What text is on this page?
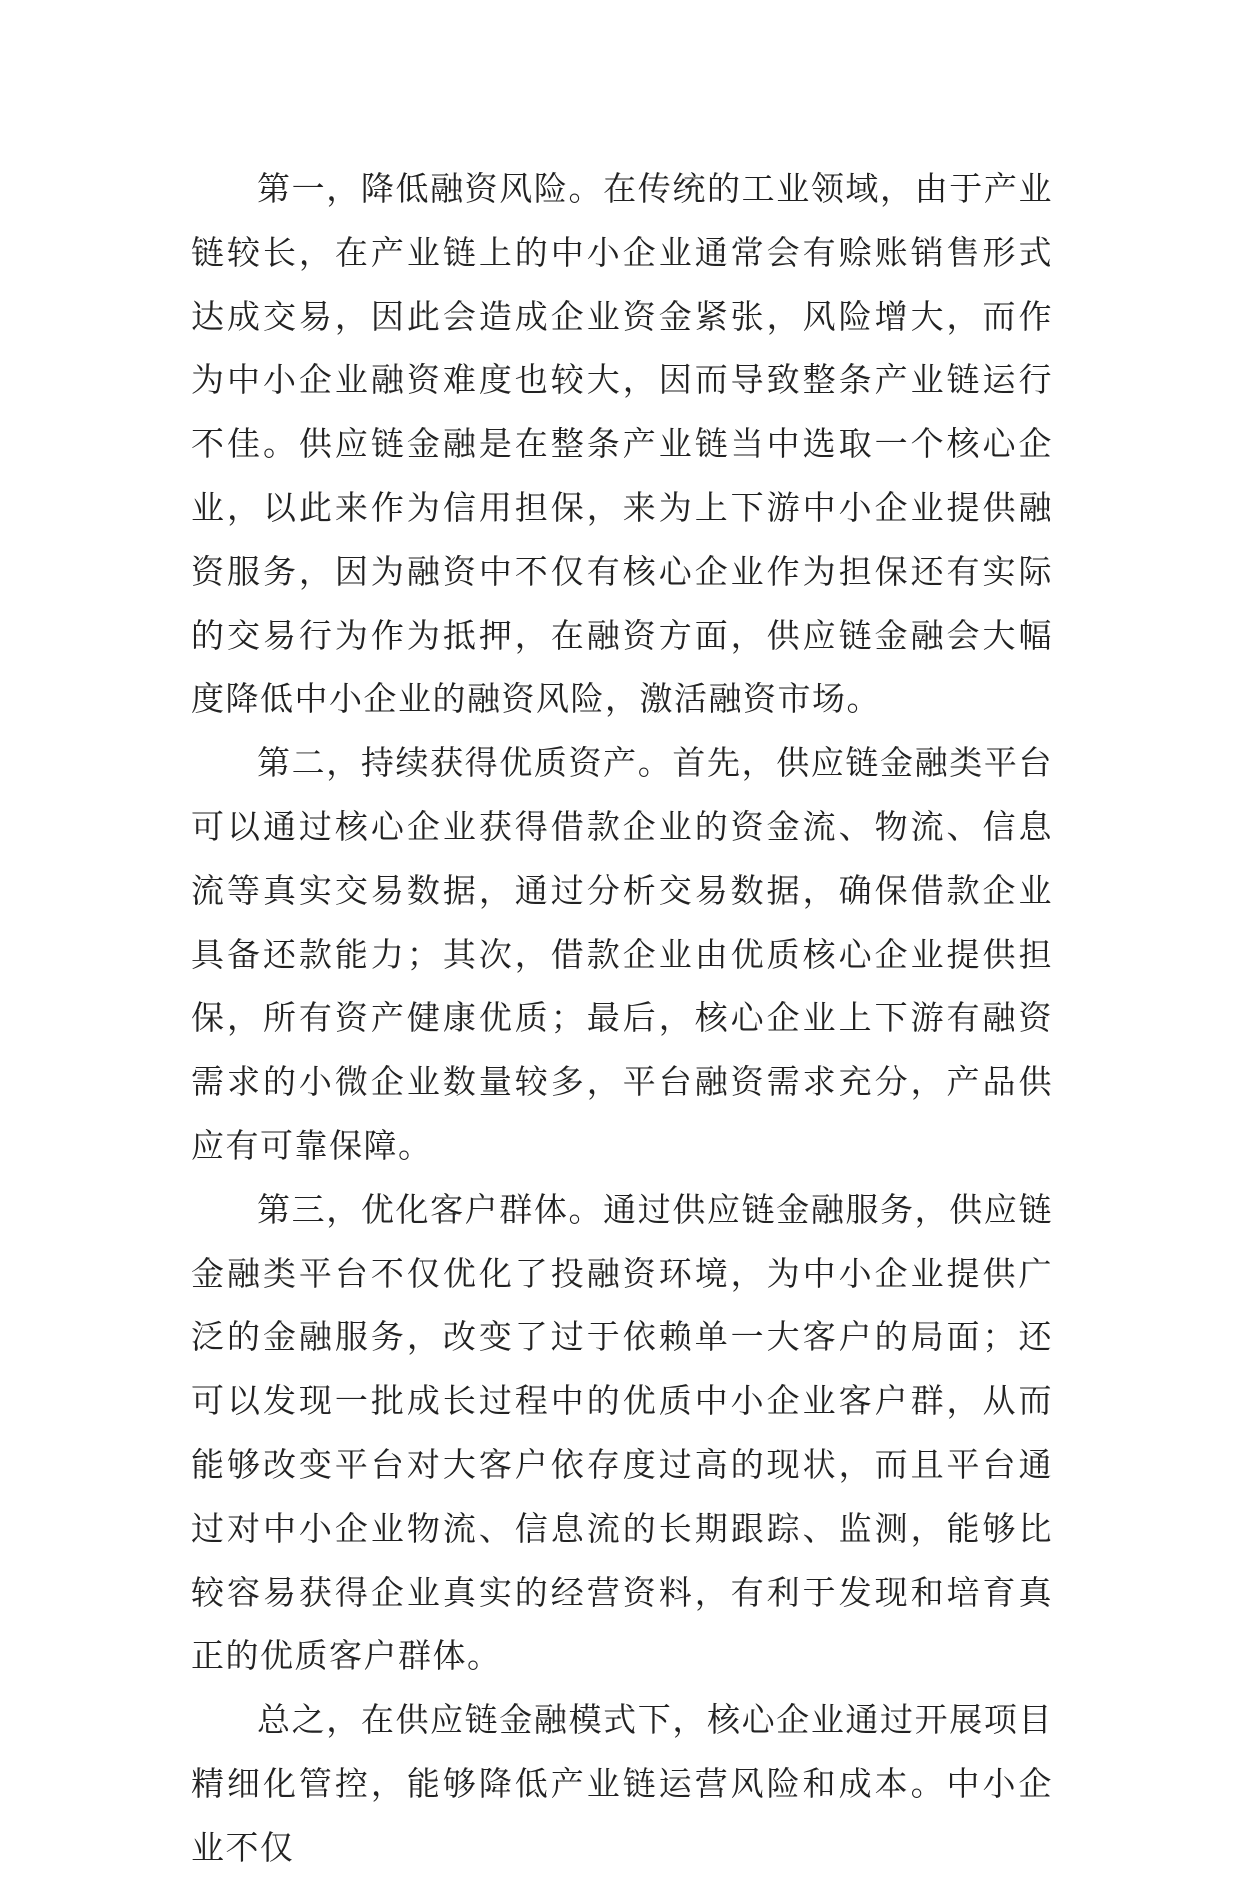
第一，降低融资风险。在传统的工业领域，由于产业链较长，在产业链上的中小企业通常会有赊账销售形式达成交易，因此会造成企业资金紧张，风险增大，而作为中小企业融资难度也较大，因而导致整条产业链运行不佳。供应链金融是在整条产业链当中选取一个核心企业，以此来作为信用担保，来为上下游中小企业提供融资服务，因为融资中不仅有核心企业作为担保还有实际的交易行为作为抵押，在融资方面，供应链金融会大幅度降低中小企业的融资风险，激活融资市场。

第二，持续获得优质资产。首先，供应链金融类平台可以通过核心企业获得借款企业的资金流、物流、信息流等真实交易数据，通过分析交易数据，确保借款企业具备还款能力；其次，借款企业由优质核心企业提供担保，所有资产健康优质；最后，核心企业上下游有融资需求的小微企业数量较多，平台融资需求充分，产品供应有可靠保障。

第三，优化客户群体。通过供应链金融服务，供应链金融类平台不仅优化了投融资环境，为中小企业提供广泛的金融服务，改变了过于依赖单一大客户的局面；还可以发现一批成长过程中的优质中小企业客户群，从而能够改变平台对大客户依存度过高的现状，而且平台通过对中小企业物流、信息流的长期跟踪、监测，能够比较容易获得企业真实的经营资料，有利于发现和培育真正的优质客户群体。

总之，在供应链金融模式下，核心企业通过开展项目精细化管控，能够降低产业链运营风险和成本。中小企业不仅
